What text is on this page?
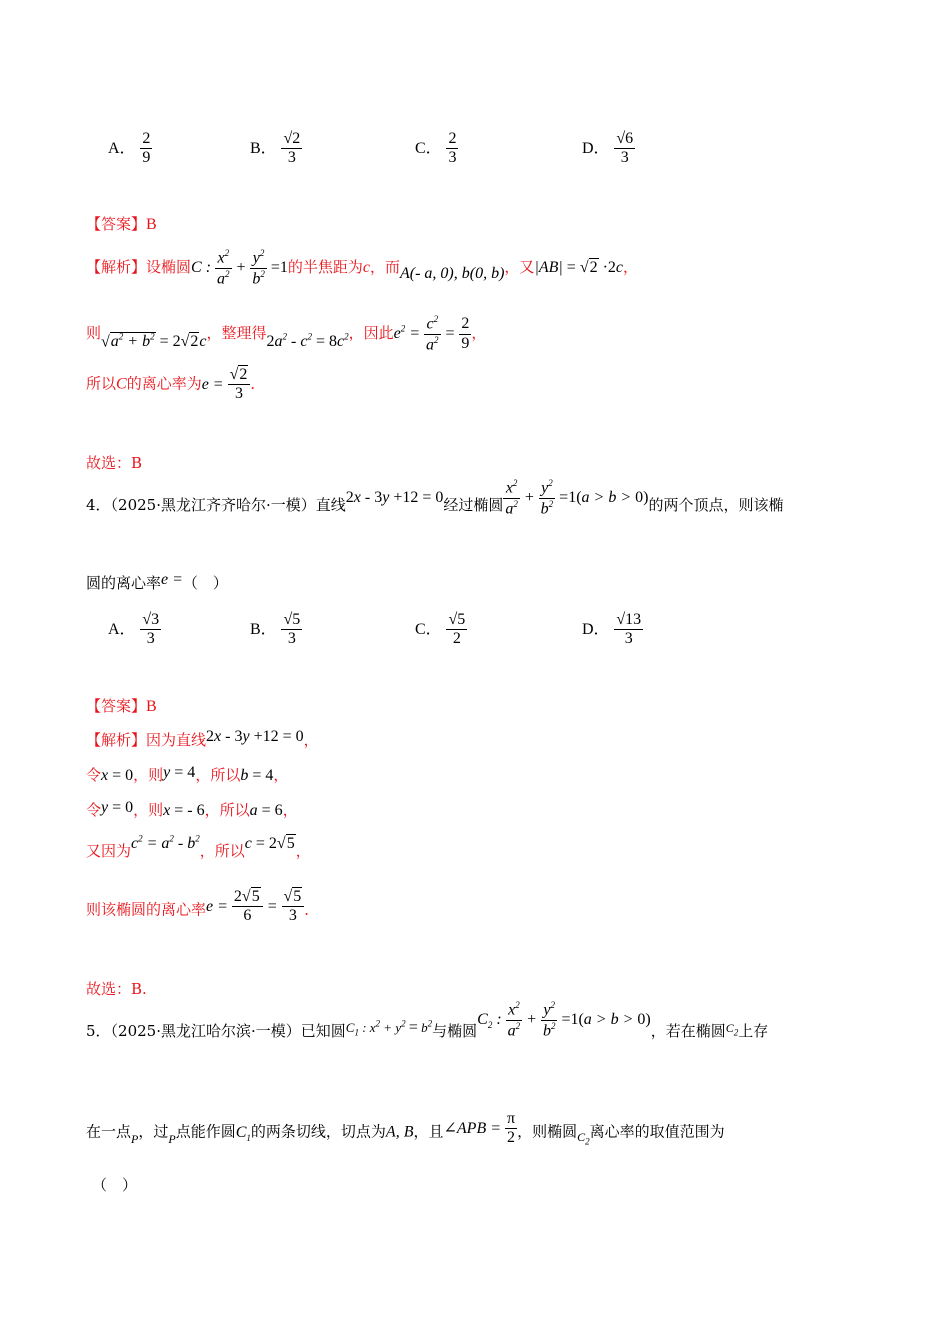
A． $\frac{2}{9}$	B． $\frac{√2}{3}$	C． $\frac{2}{3}$	D． $\frac{√6}{3}$
【答案】B
【解析】设椭圆C : $\frac{x^2}{a^2} + \frac{y^2}{b^2} =1$的半焦距为c，而A(- a, 0), b(0, b)，又|AB| = √2 ·2c，
则$√a^2 + b^2 = 2√2c$，整理得$2a^2 - c^2 = 8c^2$，因此$e^2 = \frac{c^2}{a^2} = \frac{2}{9}$ ，
所以C的离心率为$e = \frac{√2}{3}$ ．
故选：B
4．（2025·黑龙江齐齐哈尔·一模）直线2x - 3y +12 = 0经过椭圆 $\frac{x^2}{a^2} + \frac{y^2}{b^2} =1(a > b > 0)$的两个顶点，则该椭
圆的离心率e =（　）
A． $\frac{√3}{3}$	B． $\frac{√5}{3}$	C． $\frac{√5}{2}$	D． $\frac{√13}{3}$
【答案】B
【解析】因为直线2x - 3y +12 = 0，
令x = 0，则y = 4，所以b = 4，
令y = 0，则x = - 6，所以a = 6，
又因为$c^2 = a^2 - b^2$，所以c = 2√5，
则该椭圆的离心率$e = \frac{2√5}{6} = \frac{√5}{3}$ ．
故选：B.
5．（2025·黑龙江哈尔滨·一模）已知圆$C_1$ : $x^2 + y^2 = b^2$与椭圆$C_2$ : $\frac{x^2}{a^2} + \frac{y^2}{b^2} =1(a > b > 0)$，若在椭圆$^{C_2}$上存
在一点$_P$，过$_P$点能作圆$C_1$的两条切线，切点为A, B，且∠APB = $\frac{\pi}{2}$ ，则椭圆$_{C_2}$离心率的取值范围为
（　）
